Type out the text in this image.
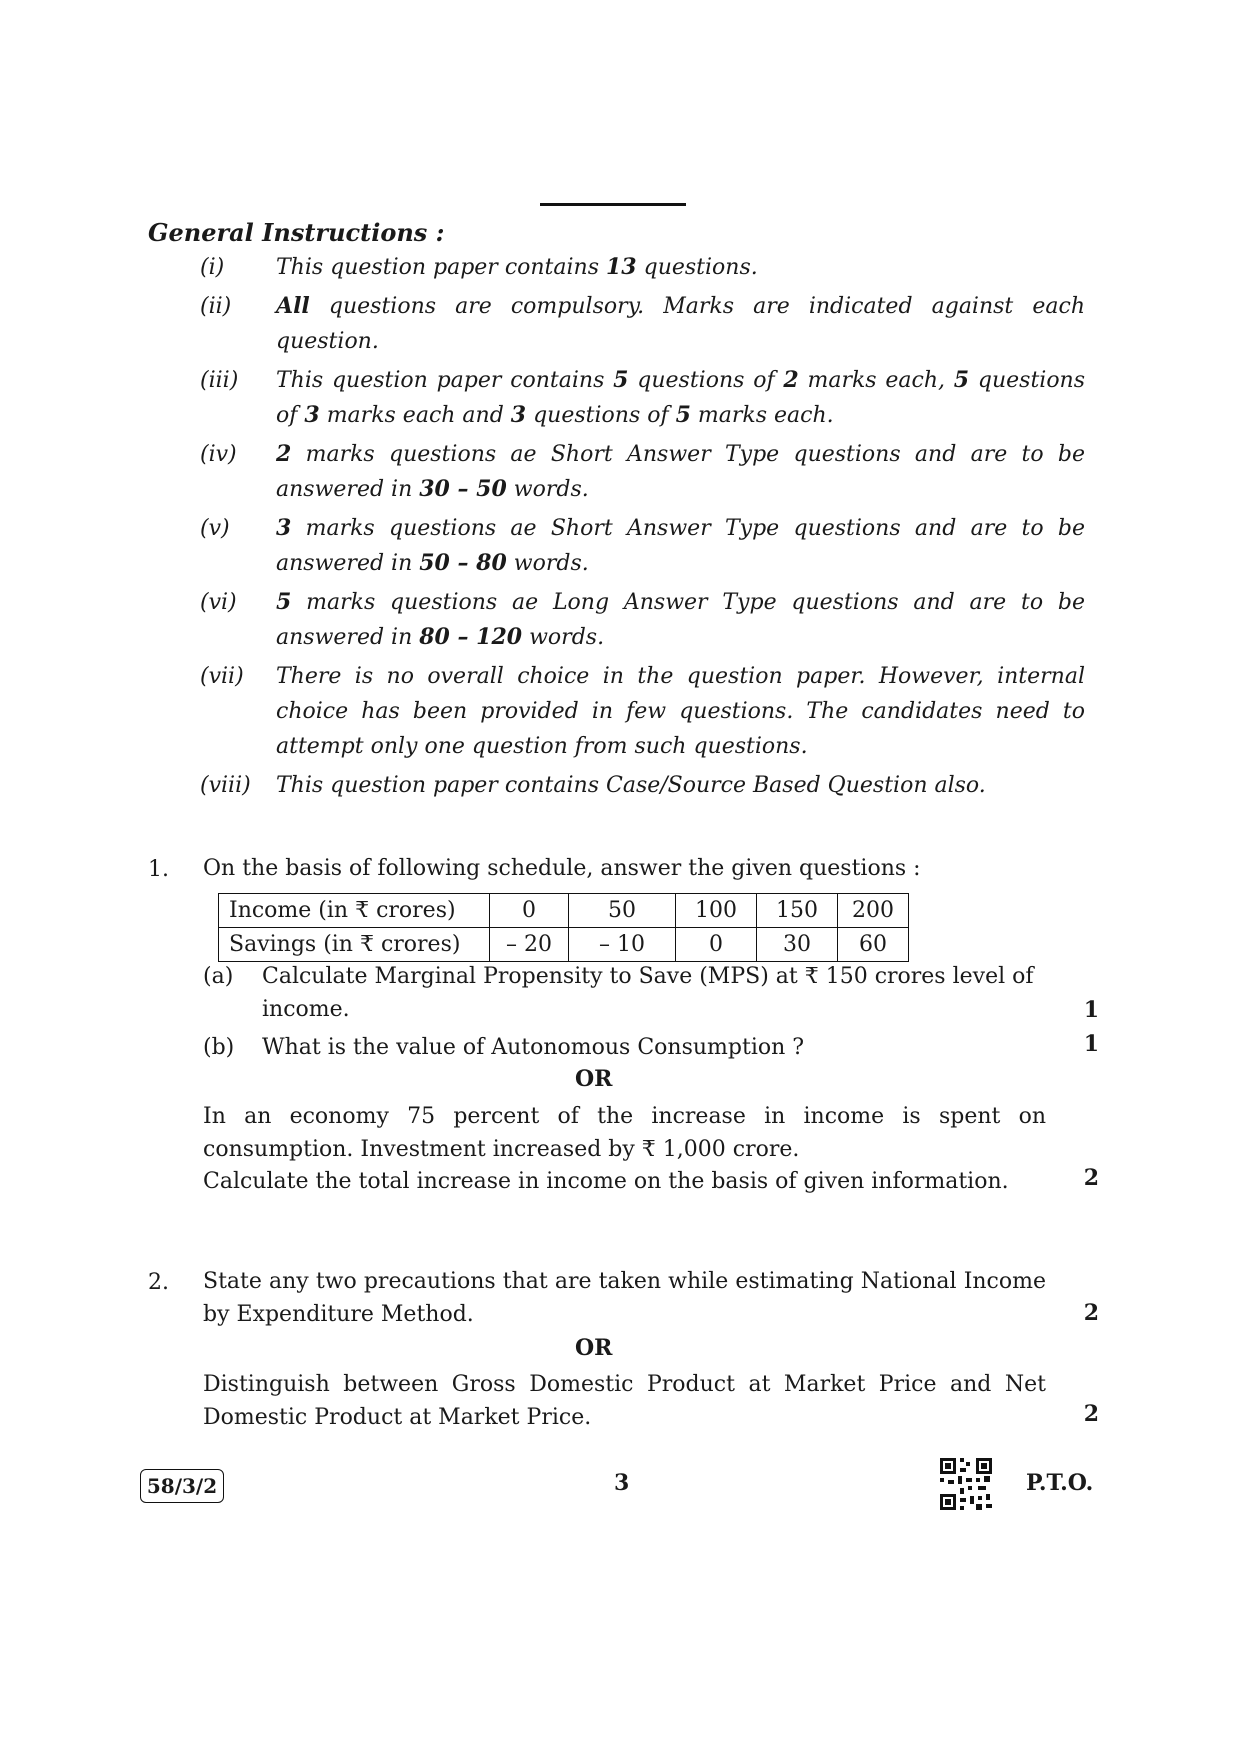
General Instructions :
(i)	This question paper contains 13 questions.
(ii)	All questions are compulsory. Marks are indicated against each question.
(iii)	This question paper contains 5 questions of 2 marks each, 5 questions of 3 marks each and 3 questions of 5 marks each.
(iv)	2 marks questions ae Short Answer Type questions and are to be answered in 30 – 50 words.
(v)	3 marks questions ae Short Answer Type questions and are to be answered in 50 – 80 words.
(vi)	5 marks questions ae Long Answer Type questions and are to be answered in 80 – 120 words.
(vii)	There is no overall choice in the question paper. However, internal choice has been provided in few questions. The candidates need to attempt only one question from such questions.
(viii)	This question paper contains Case/Source Based Question also.
1. On the basis of following schedule, answer the given questions :
Income (in ₹ crores)	0	50	100	150	200
Savings (in ₹ crores)	– 20	– 10	0	30	60
(a) Calculate Marginal Propensity to Save (MPS) at ₹ 150 crores level of income.	1
(b) What is the value of Autonomous Consumption ?	1
OR
In an economy 75 percent of the increase in income is spent on consumption. Investment increased by ₹ 1,000 crore.
Calculate the total increase in income on the basis of given information.	2
2. State any two precautions that are taken while estimating National Income by Expenditure Method.	2
OR
Distinguish between Gross Domestic Product at Market Price and Net Domestic Product at Market Price.	2
58/3/2	3	P.T.O.
